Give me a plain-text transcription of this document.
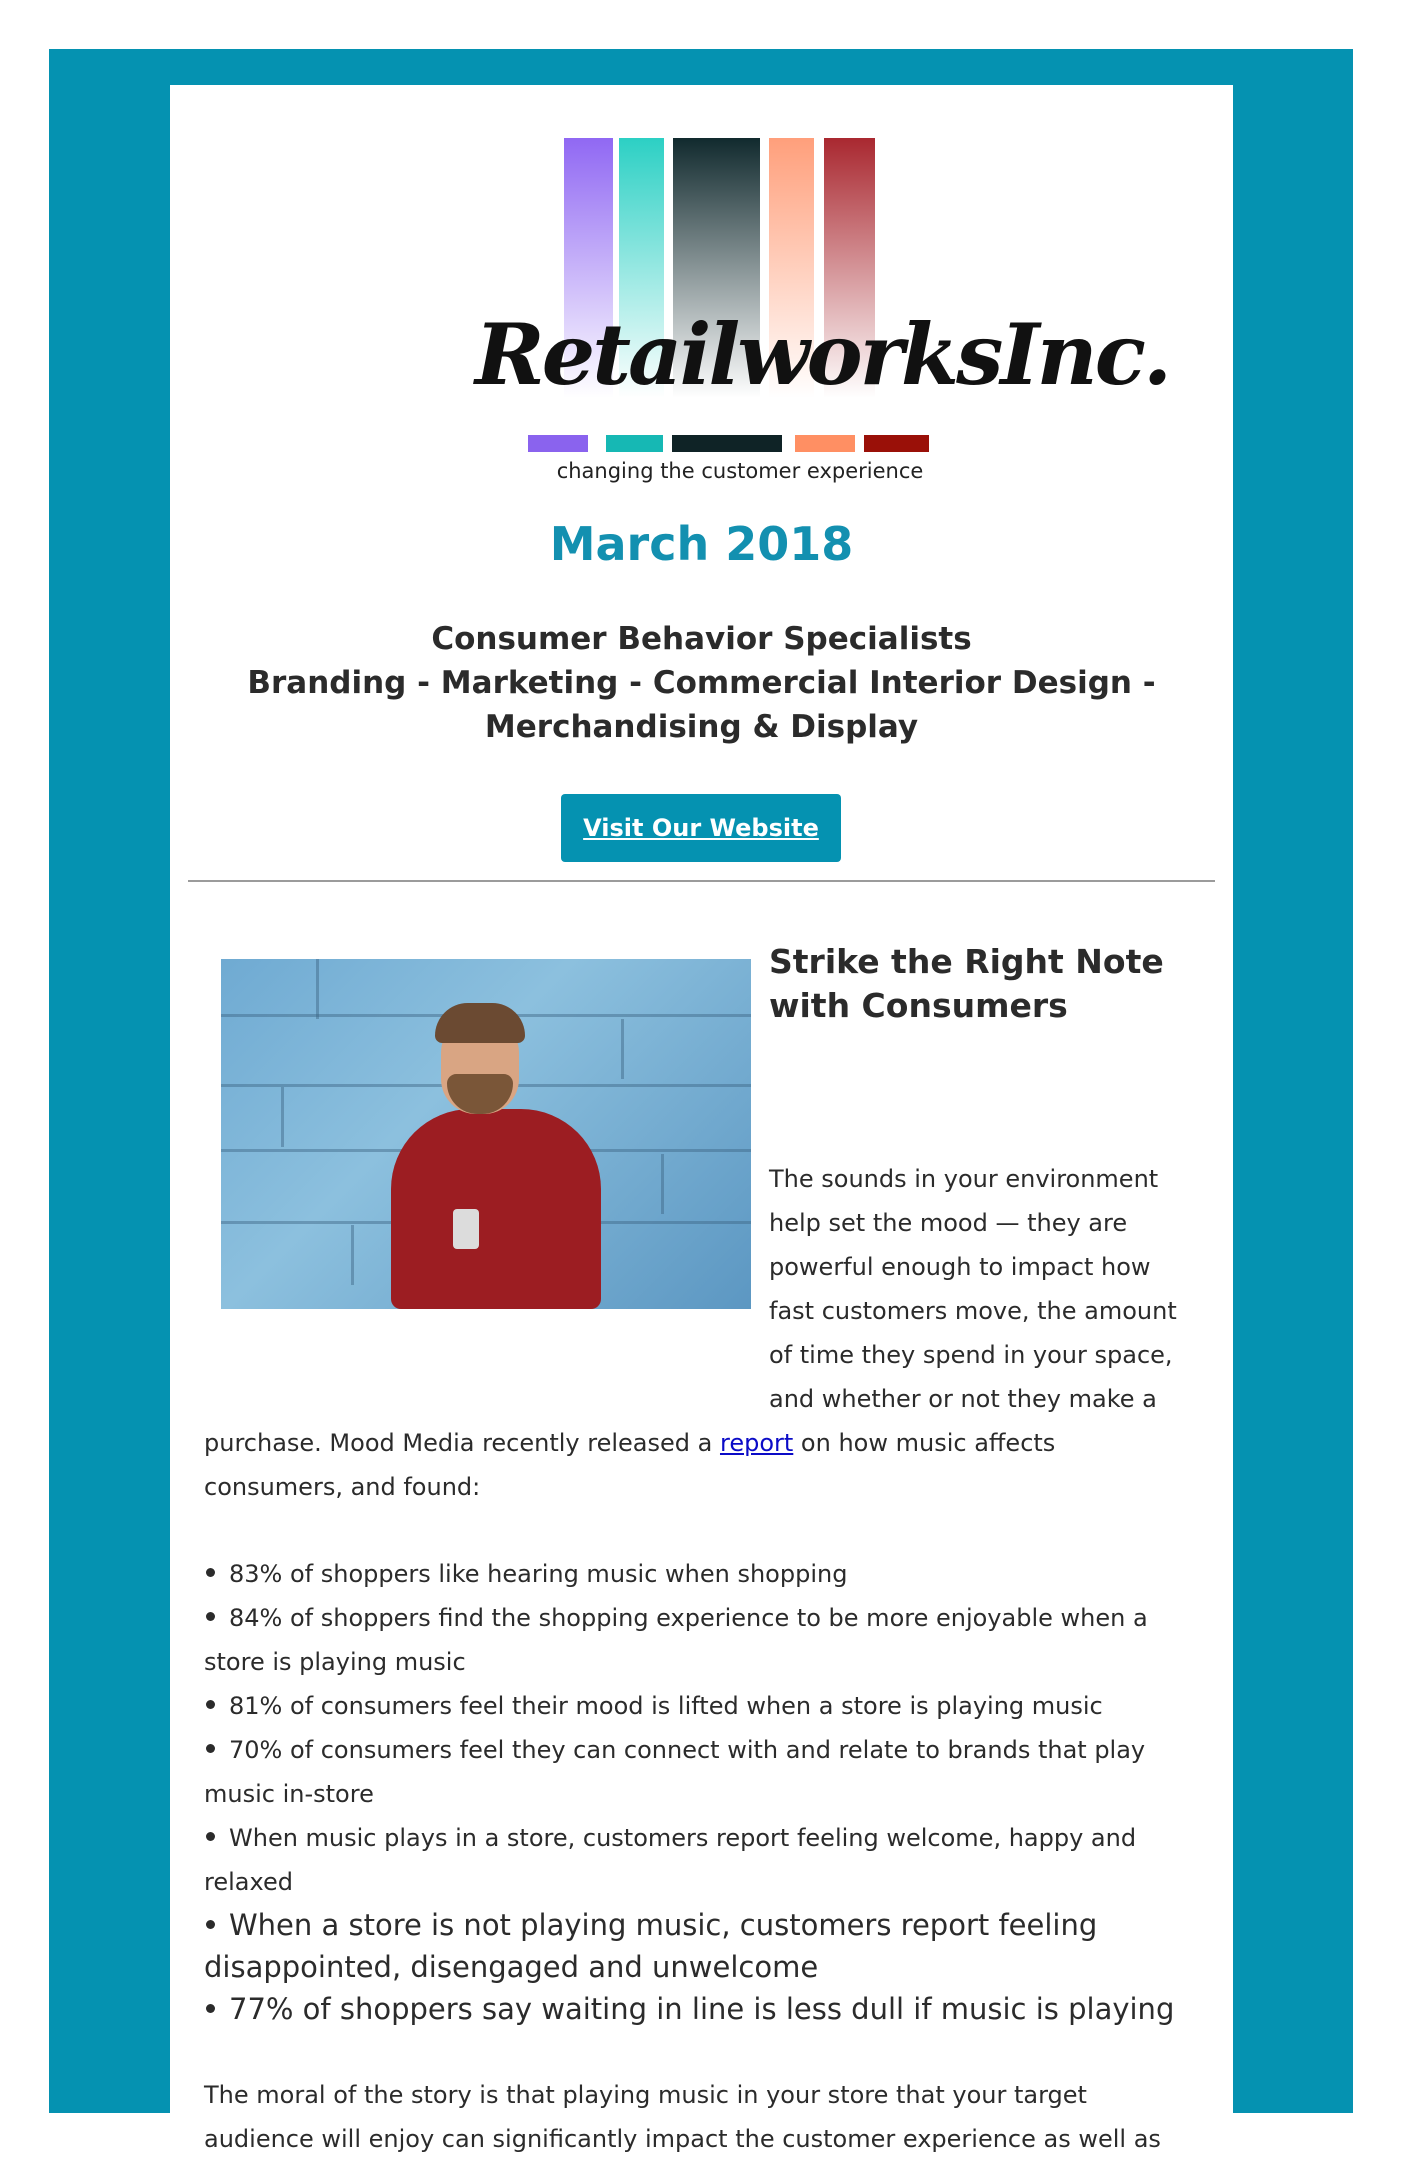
RetailworksInc.
changing the customer experience
March 2018
Consumer Behavior Specialists
Branding - Marketing - Commercial Interior Design -
Merchandising & Display
Visit Our Website
Strike the Right Note
with Consumers
The sounds in your environment
help set the mood — they are
powerful enough to impact how
fast customers move, the amount
of time they spend in your space,
and whether or not they make a
purchase. Mood Media recently released a report on how music affects
consumers, and found:
83% of shoppers like hearing music when shopping
84% of shoppers find the shopping experience to be more enjoyable when a
store is playing music
81% of consumers feel their mood is lifted when a store is playing music
70% of consumers feel they can connect with and relate to brands that play
music in-store
When music plays in a store, customers report feeling welcome, happy and
relaxed
When a store is not playing music, customers report feeling
disappointed, disengaged and unwelcome
77% of shoppers say waiting in line is less dull if music is playing
The moral of the story is that playing music in your store that your target
audience will enjoy can significantly impact the customer experience as well as
